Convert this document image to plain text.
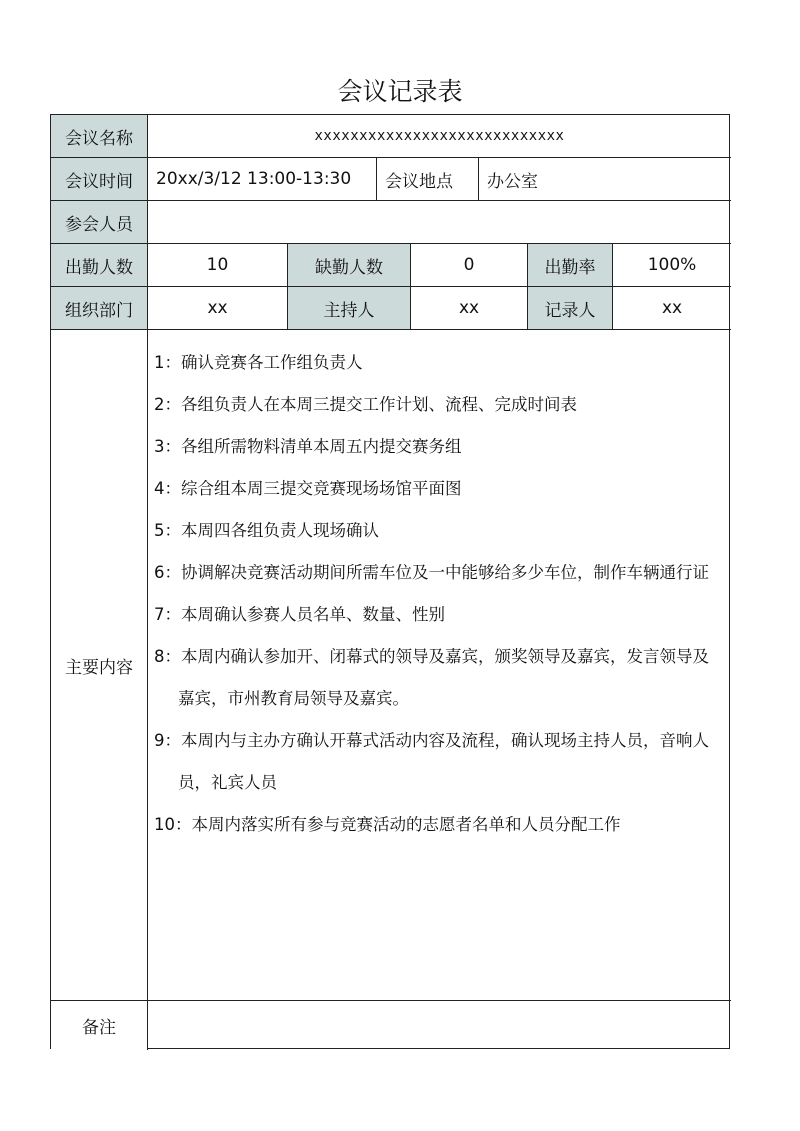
会议记录表
会议名称	xxxxxxxxxxxxxxxxxxxxxxxxxxxx
会议时间	20xx/3/12 13:00-13:30	会议地点	办公室
参会人员
出勤人数	10	缺勤人数	0	出勤率	100%
组织部门	xx	主持人	xx	记录人	xx
主要内容
1：确认竞赛各工作组负责人
2：各组负责人在本周三提交工作计划、流程、完成时间表
3：各组所需物料清单本周五内提交赛务组
4：综合组本周三提交竞赛现场场馆平面图
5：本周四各组负责人现场确认
6：协调解决竞赛活动期间所需车位及一中能够给多少车位，制作车辆通行证
7：本周确认参赛人员名单、数量、性别
8：本周内确认参加开、闭幕式的领导及嘉宾，颁奖领导及嘉宾，发言领导及嘉宾，市州教育局领导及嘉宾。
9：本周内与主办方确认开幕式活动内容及流程，确认现场主持人员，音响人员，礼宾人员
10：本周内落实所有参与竞赛活动的志愿者名单和人员分配工作
备注
